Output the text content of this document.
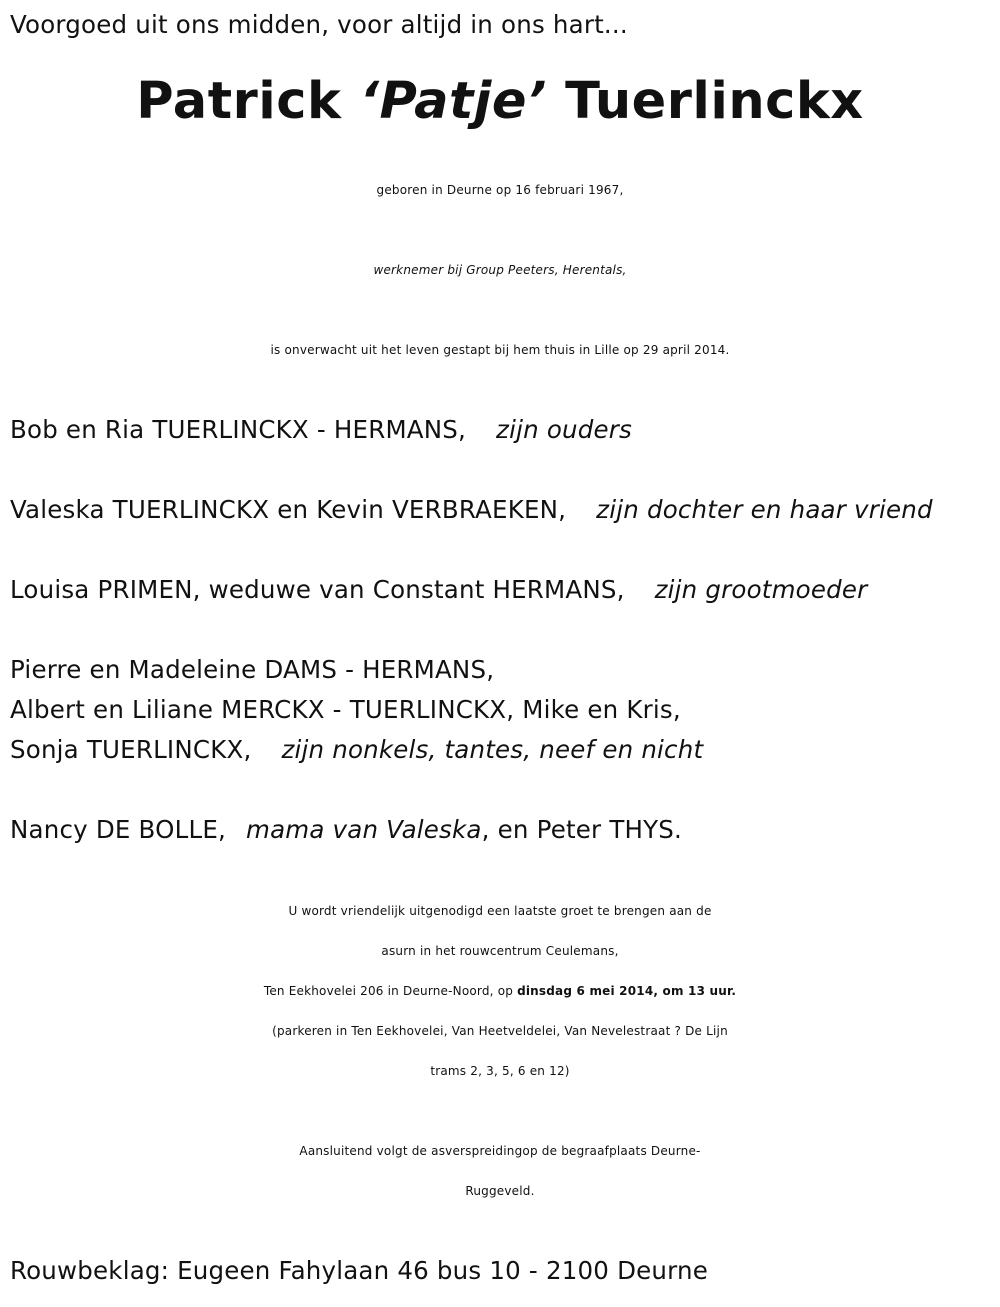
Voorgoed uit ons midden, voor altijd in ons hart...
Patrick ‘Patje’ Tuerlinckx
geboren in Deurne op 16 februari 1967,
werknemer bij Group Peeters, Herentals,
is onverwacht uit het leven gestapt bij hem thuis in Lille op 29 april 2014.
Bob en Ria TUERLINCKX - HERMANS, zijn ouders
Valeska TUERLINCKX en Kevin VERBRAEKEN, zijn dochter en haar vriend
Louisa PRIMEN, weduwe van Constant HERMANS, zijn grootmoeder
Pierre en Madeleine DAMS - HERMANS,
Albert en Liliane MERCKX - TUERLINCKX, Mike en Kris,
Sonja TUERLINCKX, zijn nonkels, tantes, neef en nicht
Nancy DE BOLLE, mama van Valeska, en Peter THYS.
U wordt vriendelijk uitgenodigd een laatste groet te brengen aan de
asurn in het rouwcentrum Ceulemans,
Ten Eekhovelei 206 in Deurne-Noord, op dinsdag 6 mei 2014, om 13 uur.
(parkeren in Ten Eekhovelei, Van Heetveldelei, Van Nevelestraat ? De Lijn
trams 2, 3, 5, 6 en 12)
Aansluitend volgt de asverspreidingop de begraafplaats Deurne-
Ruggeveld.
Rouwbeklag: Eugeen Fahylaan 46 bus 10 - 2100 Deurne
